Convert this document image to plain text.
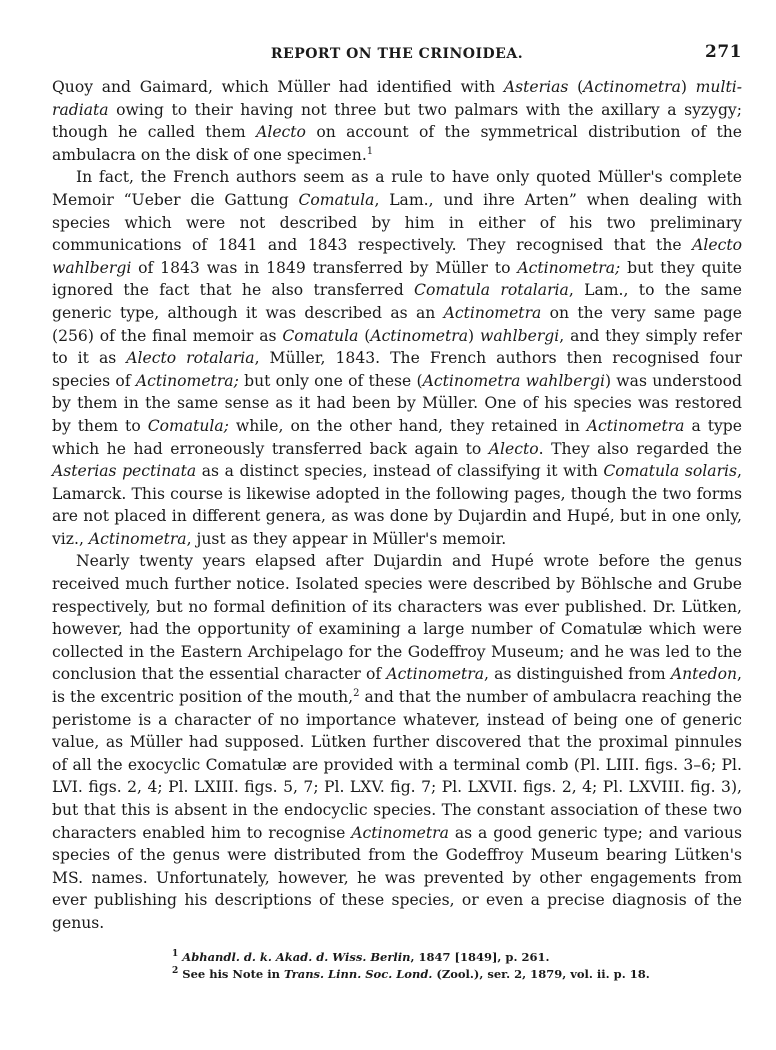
REPORT ON THE CRINOIDEA.	271

Quoy and Gaimard, which Müller had identified with Asterias (Actinometra) multi-radiata owing to their having not three but two palmars with the axillary a syzygy; though he called them Alecto on account of the symmetrical distribution of the ambulacra on the disk of one specimen.$^1$

In fact, the French authors seem as a rule to have only quoted Müller's complete Memoir “Ueber die Gattung Comatula, Lam., und ihre Arten” when dealing with species which were not described by him in either of his two preliminary communications of 1841 and 1843 respectively. They recognised that the Alecto wahlbergi of 1843 was in 1849 transferred by Müller to Actinometra; but they quite ignored the fact that he also transferred Comatula rotalaria, Lam., to the same generic type, although it was described as an Actinometra on the very same page (256) of the final memoir as Comatula (Actinometra) wahlbergi, and they simply refer to it as Alecto rotalaria, Müller, 1843. The French authors then recognised four species of Actinometra; but only one of these (Actinometra wahlbergi) was understood by them in the same sense as it had been by Müller. One of his species was restored by them to Comatula; while, on the other hand, they retained in Actinometra a type which he had erroneously transferred back again to Alecto. They also regarded the Asterias pectinata as a distinct species, instead of classifying it with Comatula solaris, Lamarck. This course is likewise adopted in the following pages, though the two forms are not placed in different genera, as was done by Dujardin and Hupé, but in one only, viz., Actinometra, just as they appear in Müller's memoir.

Nearly twenty years elapsed after Dujardin and Hupé wrote before the genus received much further notice. Isolated species were described by Böhlsche and Grube respectively, but no formal definition of its characters was ever published. Dr. Lütken, however, had the opportunity of examining a large number of Comatulæ which were collected in the Eastern Archipelago for the Godeffroy Museum; and he was led to the conclusion that the essential character of Actinometra, as distinguished from Antedon, is the excentric position of the mouth,$^2$ and that the number of ambulacra reaching the peristome is a character of no importance whatever, instead of being one of generic value, as Müller had supposed. Lütken further discovered that the proximal pinnules of all the exocyclic Comatulæ are provided with a terminal comb (Pl. LIII. figs. 3–6; Pl. LVI. figs. 2, 4; Pl. LXIII. figs. 5, 7; Pl. LXV. fig. 7; Pl. LXVII. figs. 2, 4; Pl. LXVIII. fig. 3), but that this is absent in the endocyclic species. The constant association of these two characters enabled him to recognise Actinometra as a good generic type; and various species of the genus were distributed from the Godeffroy Museum bearing Lütken's MS. names. Unfortunately, however, he was prevented by other engagements from ever publishing his descriptions of these species, or even a precise diagnosis of the genus.

$^1$ Abhandl. d. k. Akad. d. Wiss. Berlin, 1847 [1849], p. 261.
$^2$ See his Note in Trans. Linn. Soc. Lond. (Zool.), ser. 2, 1879, vol. ii. p. 18.
